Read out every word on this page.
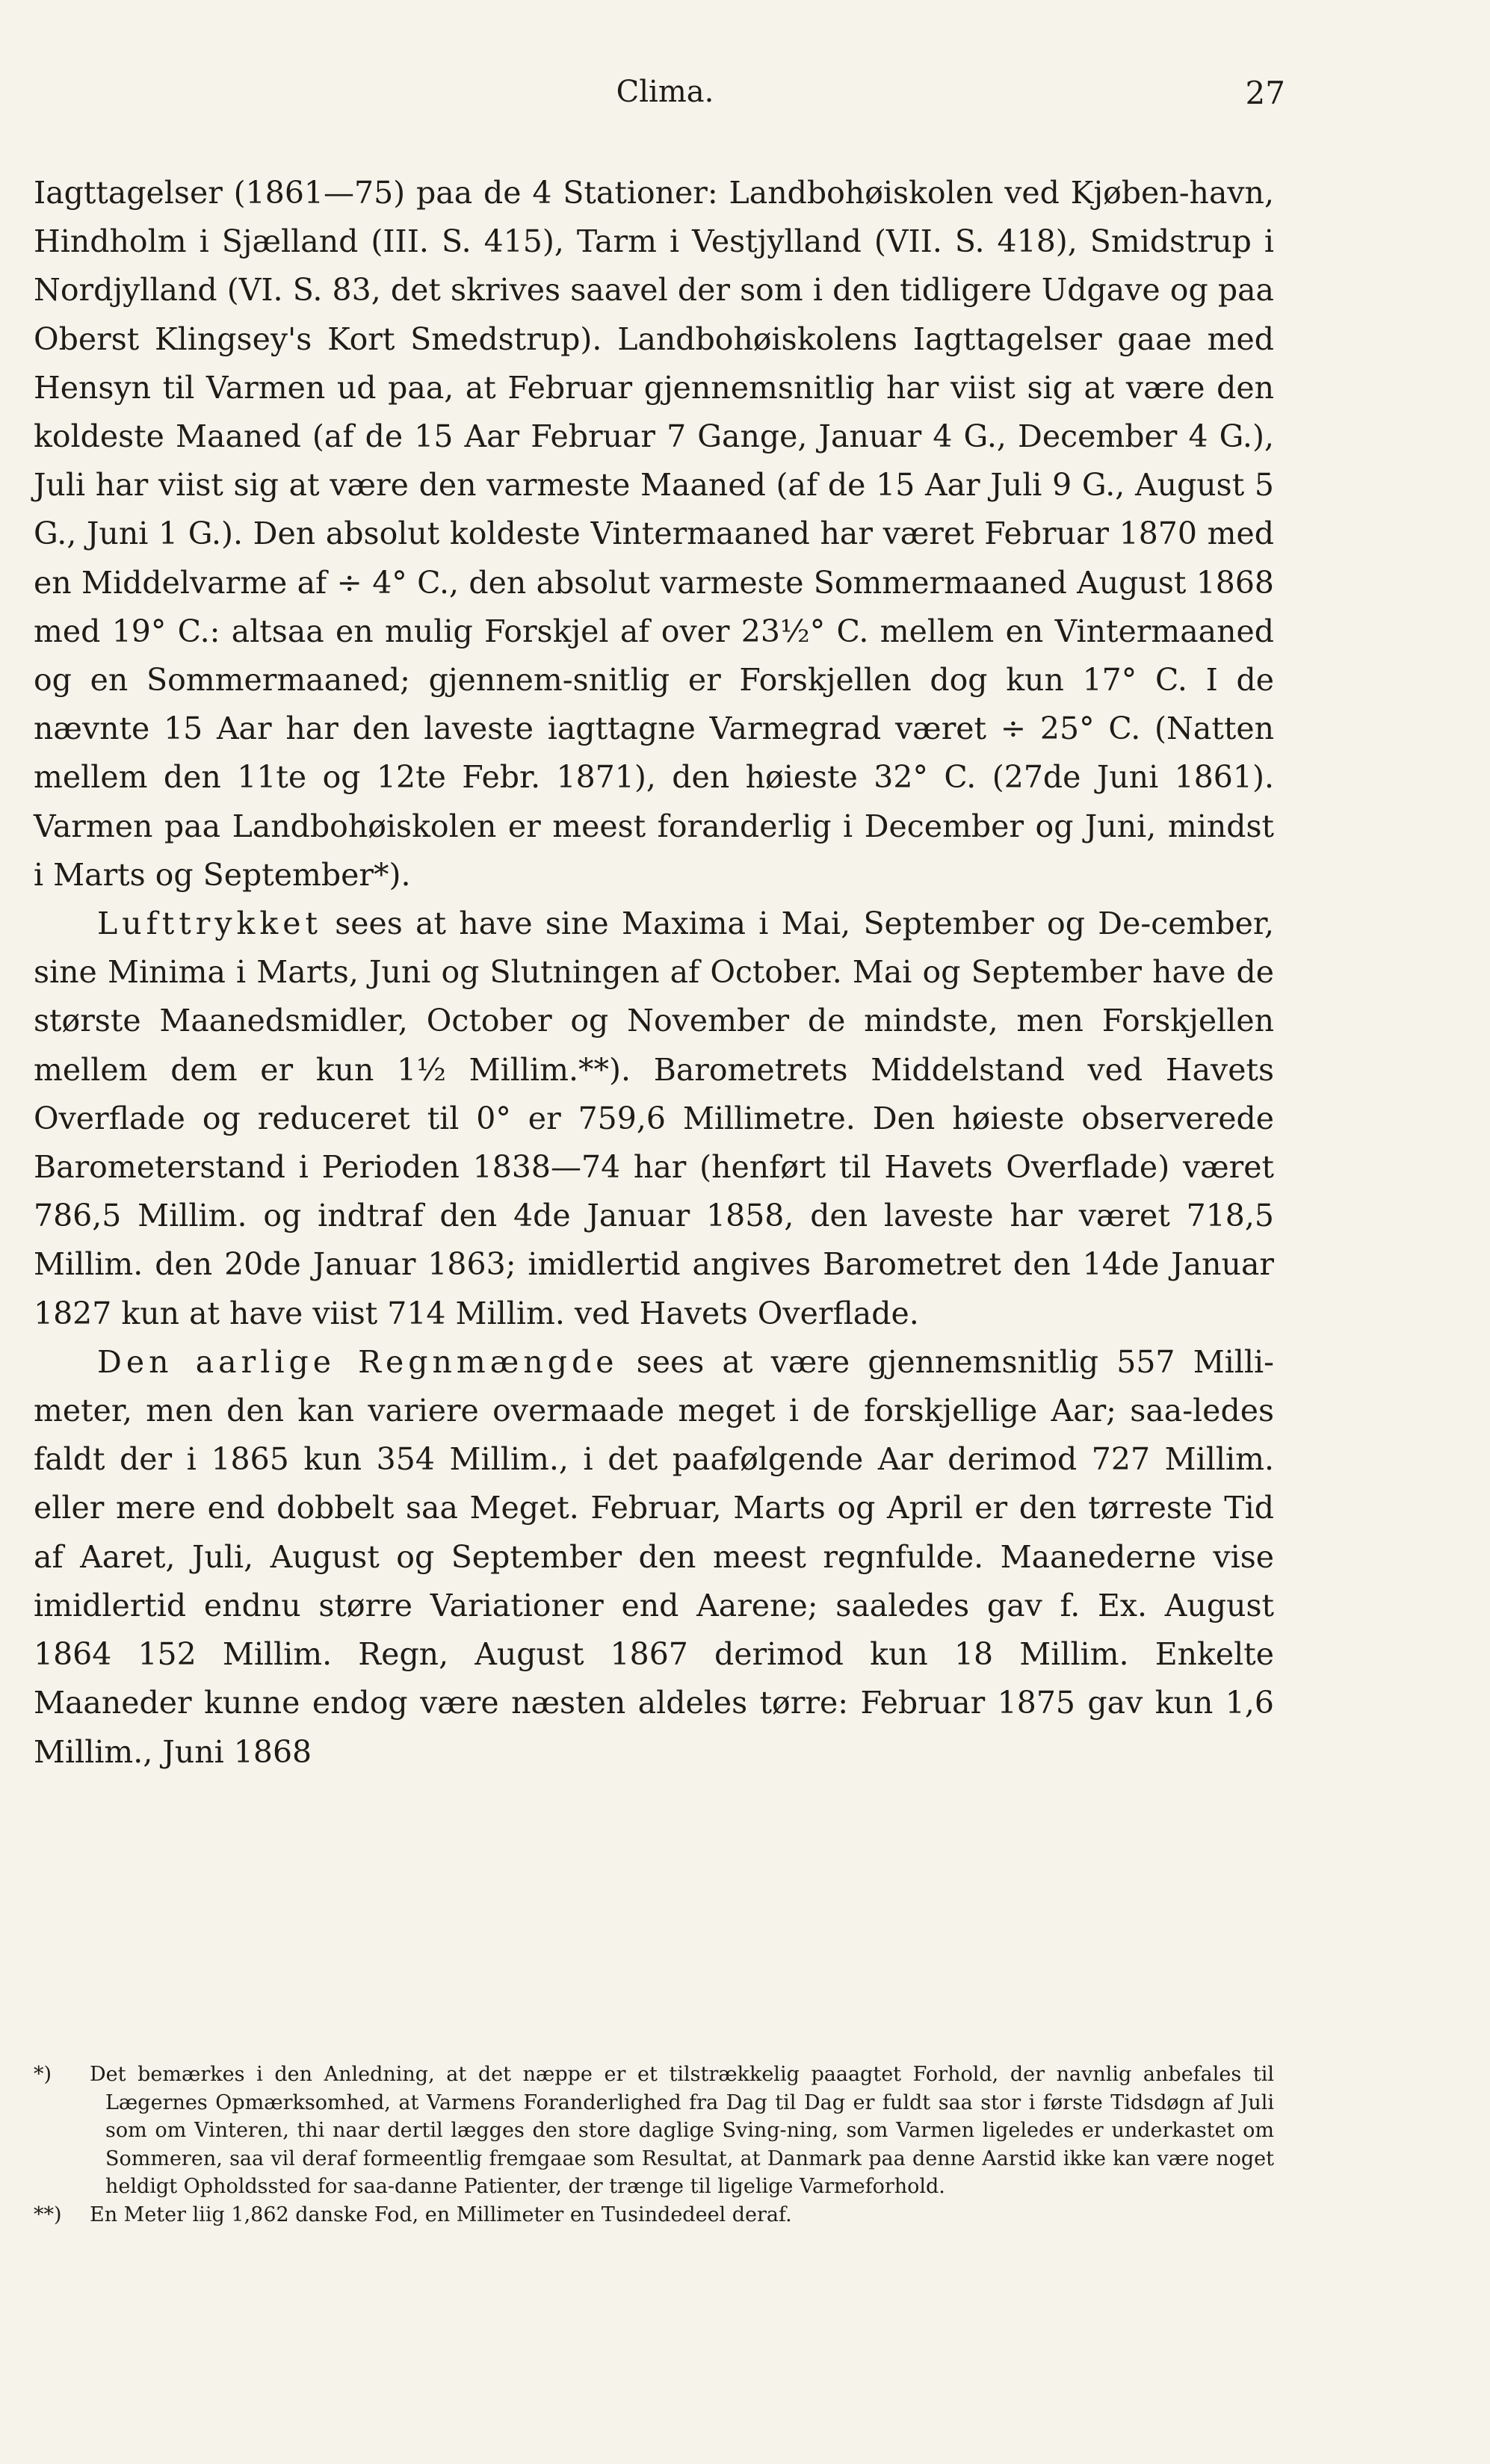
Clima.	27

Iagttagelser (1861—75) paa de 4 Stationer: Landbohøiskolen ved Kjøben-havn, Hindholm i Sjælland (III. S. 415), Tarm i Vestjylland (VII. S. 418), Smidstrup i Nordjylland (VI. S. 83, det skrives saavel der som i den tidligere Udgave og paa Oberst Klingsey's Kort Smedstrup). Landbohøiskolens Iagttagelser gaae med Hensyn til Varmen ud paa, at Februar gjennemsnitlig har viist sig at være den koldeste Maaned (af de 15 Aar Februar 7 Gange, Januar 4 G., December 4 G.), Juli har viist sig at være den varmeste Maaned (af de 15 Aar Juli 9 G., August 5 G., Juni 1 G.). Den absolut koldeste Vintermaaned har været Februar 1870 med en Middelvarme af ÷ 4° C., den absolut varmeste Sommermaaned August 1868 med 19° C.: altsaa en mulig Forskjel af over 23½° C. mellem en Vintermaaned og en Sommermaaned; gjennem-snitlig er Forskjellen dog kun 17° C. I de nævnte 15 Aar har den laveste iagttagne Varmegrad været ÷ 25° C. (Natten mellem den 11te og 12te Febr. 1871), den høieste 32° C. (27de Juni 1861). Varmen paa Landbohøiskolen er meest foranderlig i December og Juni, mindst i Marts og September*).

Lufttrykket sees at have sine Maxima i Mai, September og De-cember, sine Minima i Marts, Juni og Slutningen af October. Mai og September have de største Maanedsmidler, October og November de mindste, men Forskjellen mellem dem er kun 1½ Millim.**). Barometrets Middelstand ved Havets Overflade og reduceret til 0° er 759,6 Millimetre. Den høieste observerede Barometerstand i Perioden 1838—74 har (henført til Havets Overflade) været 786,5 Millim. og indtraf den 4de Januar 1858, den laveste har været 718,5 Millim. den 20de Januar 1863; imidlertid angives Barometret den 14de Januar 1827 kun at have viist 714 Millim. ved Havets Overflade.

Den aarlige Regnmængde sees at være gjennemsnitlig 557 Milli-meter, men den kan variere overmaade meget i de forskjellige Aar; saa-ledes faldt der i 1865 kun 354 Millim., i det paafølgende Aar derimod 727 Millim. eller mere end dobbelt saa Meget. Februar, Marts og April er den tørreste Tid af Aaret, Juli, August og September den meest regnfulde. Maanederne vise imidlertid endnu større Variationer end Aarene; saaledes gav f. Ex. August 1864 152 Millim. Regn, August 1867 derimod kun 18 Millim. Enkelte Maaneder kunne endog være næsten aldeles tørre: Februar 1875 gav kun 1,6 Millim., Juni 1868

*) Det bemærkes i den Anledning, at det næppe er et tilstrækkelig paaagtet Forhold, der navnlig anbefales til Lægernes Opmærksomhed, at Varmens Foranderlighed fra Dag til Dag er fuldt saa stor i første Tidsdøgn af Juli som om Vinteren, thi naar dertil lægges den store daglige Sving-ning, som Varmen ligeledes er underkastet om Sommeren, saa vil deraf formeentlig fremgaae som Resultat, at Danmark paa denne Aarstid ikke kan være noget heldigt Opholdssted for saa-danne Patienter, der trænge til ligelige Varmeforhold.

**) En Meter liig 1,862 danske Fod, en Millimeter en Tusindedeel deraf.
